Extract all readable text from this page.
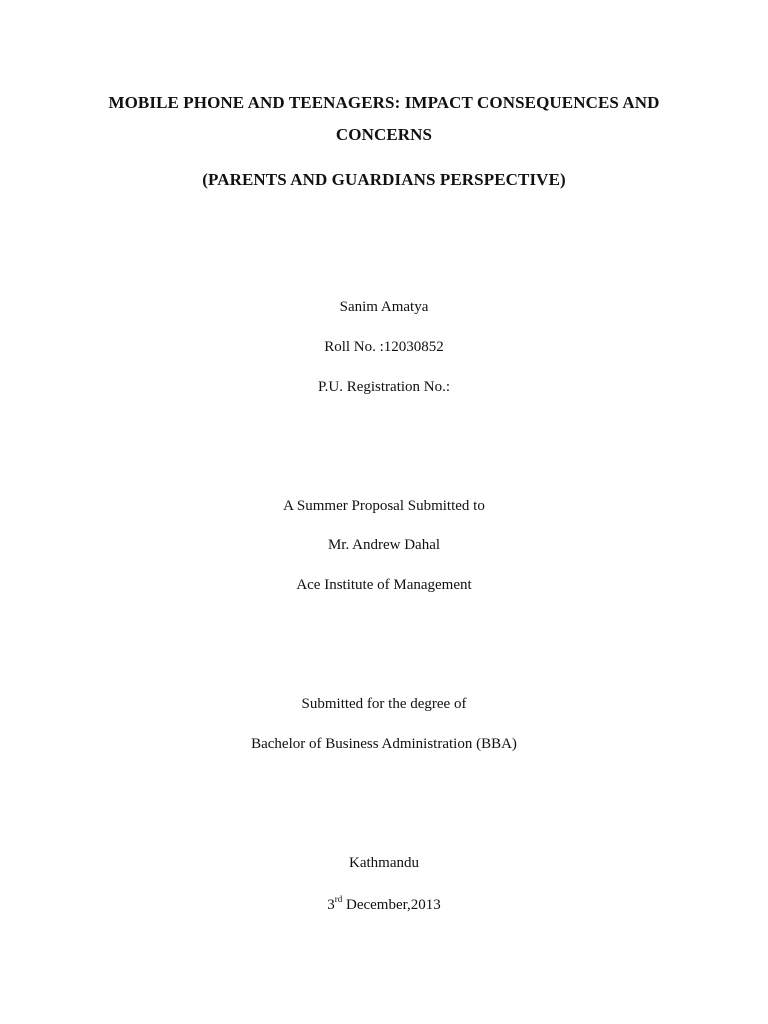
MOBILE PHONE AND TEENAGERS: IMPACT CONSEQUENCES AND
CONCERNS
(PARENTS AND GUARDIANS PERSPECTIVE)
Sanim Amatya
Roll No. :12030852
P.U. Registration No.:
A Summer Proposal Submitted to
Mr. Andrew Dahal
Ace Institute of Management
Submitted for the degree of
Bachelor of Business Administration (BBA)
Kathmandu
3rd December,2013
